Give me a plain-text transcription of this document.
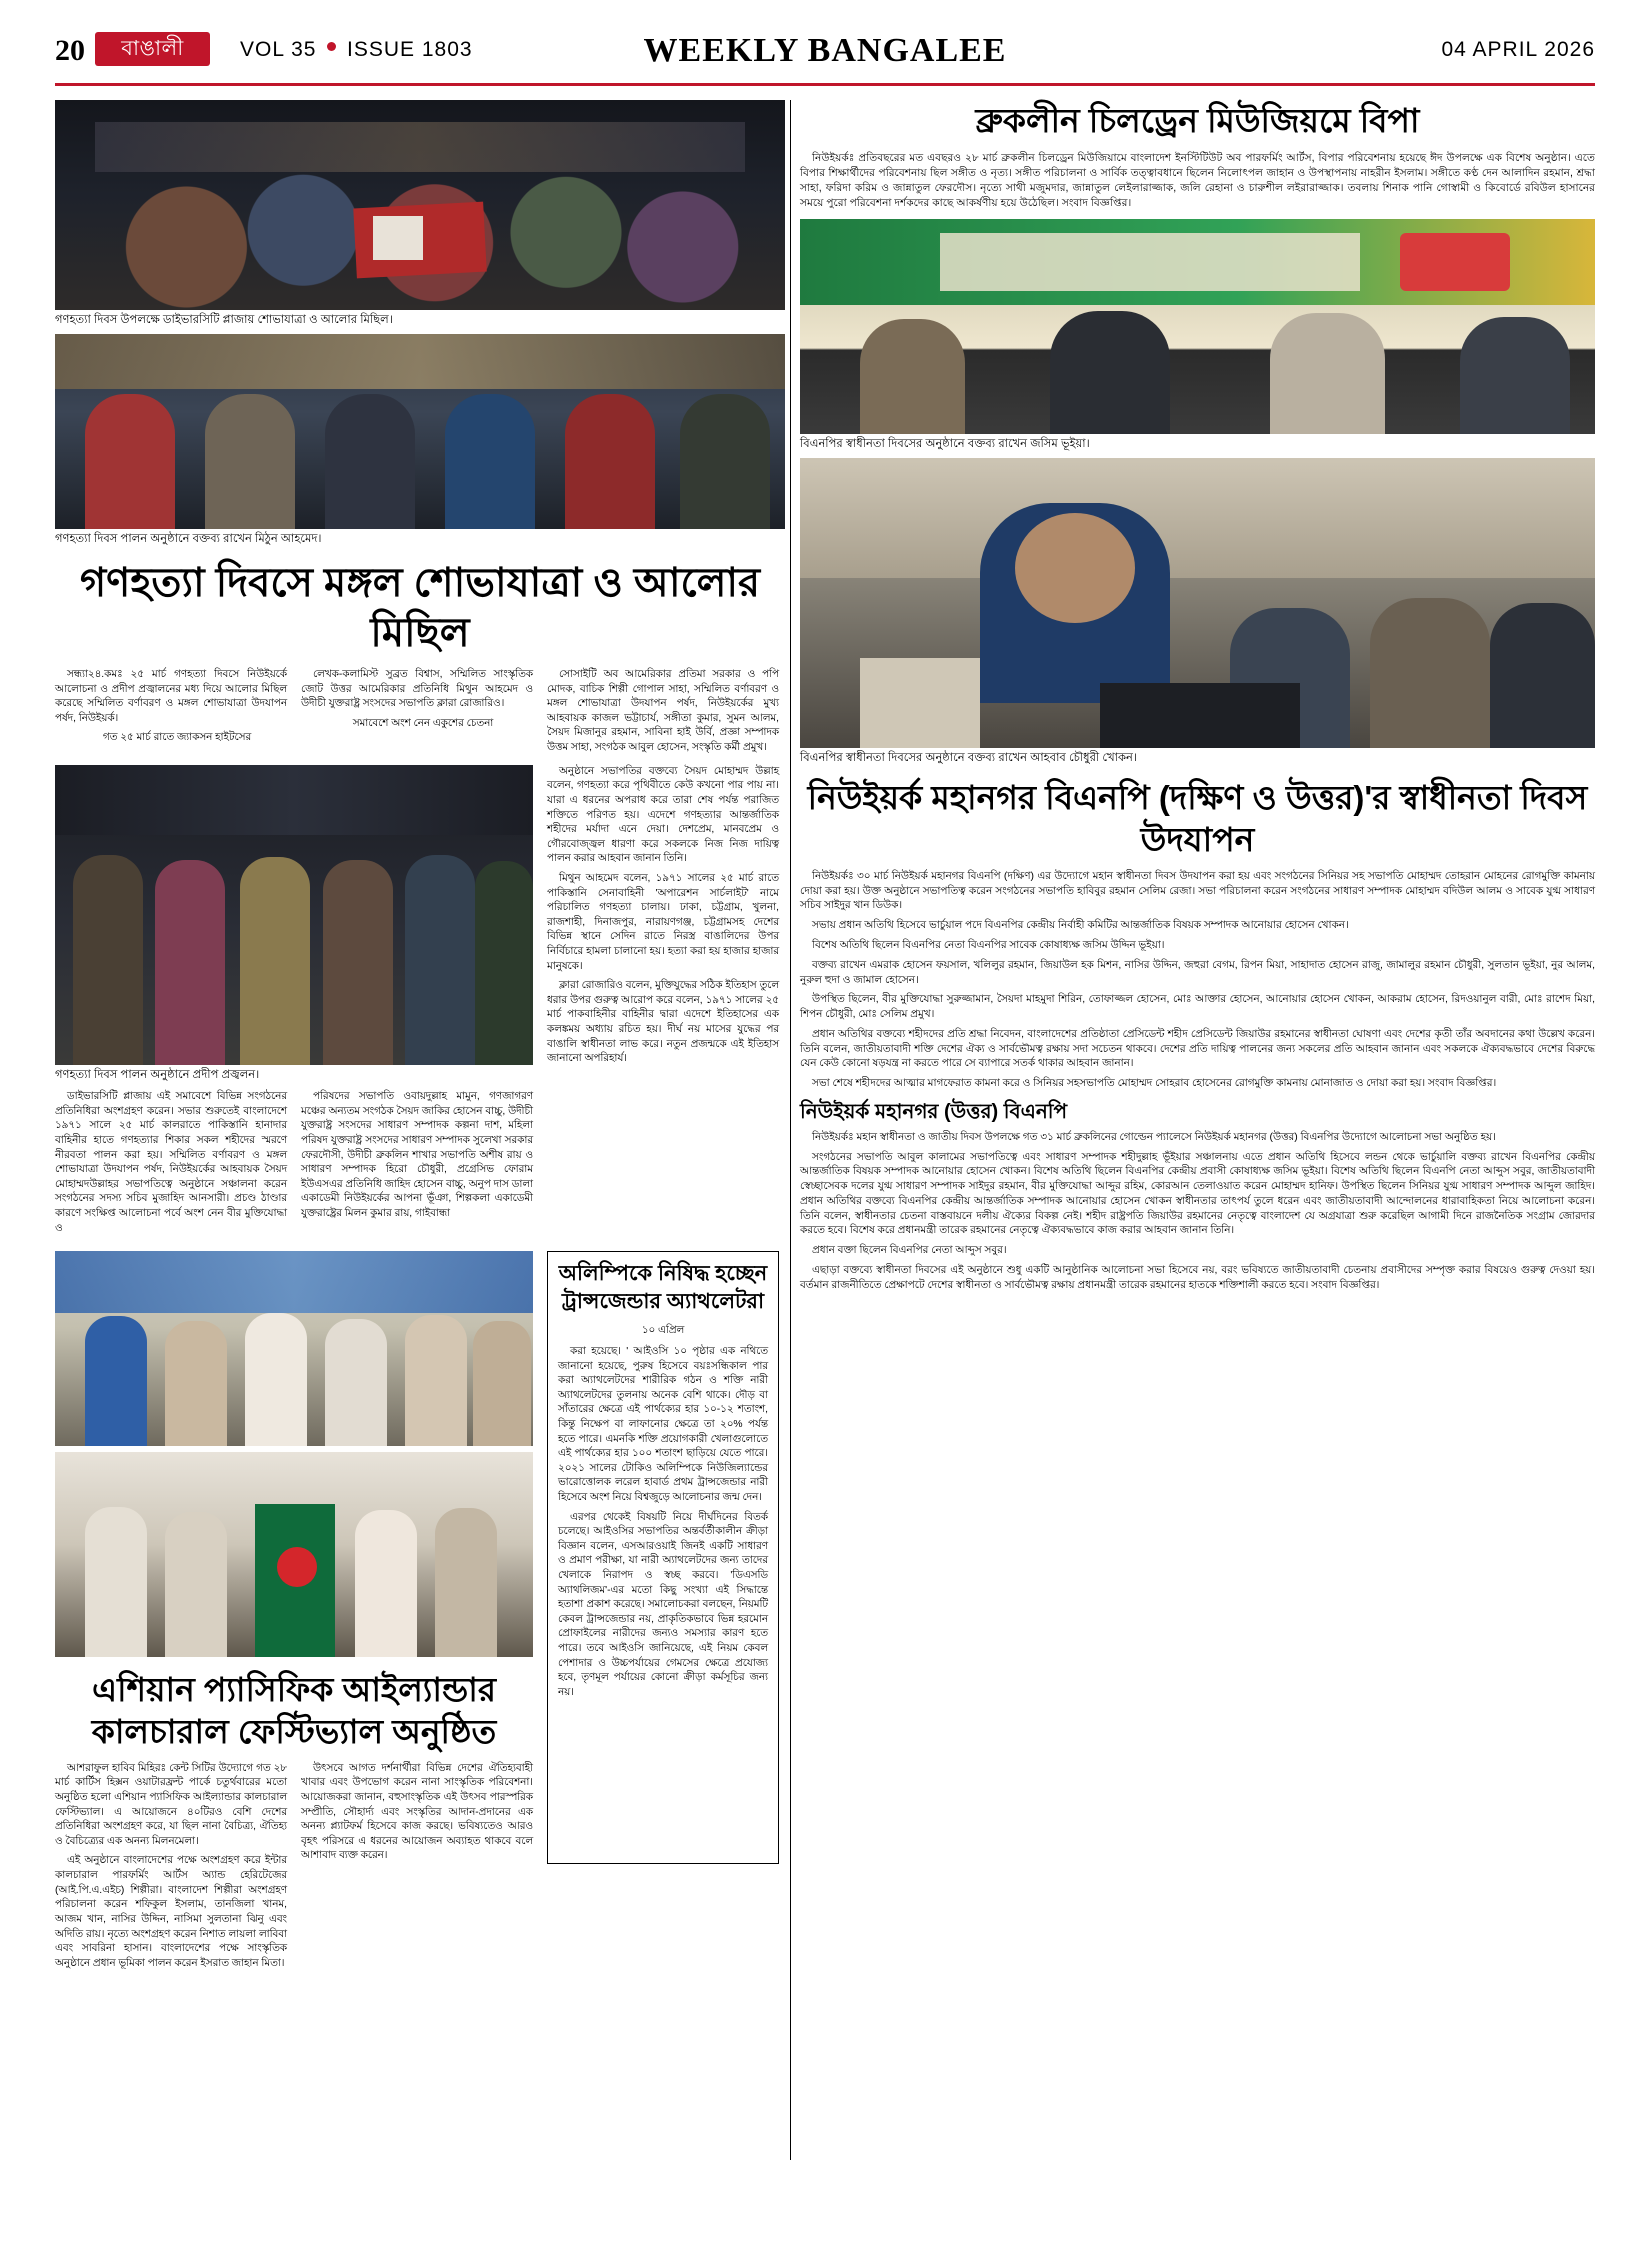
20	বাঙালী	VOL 35 ISSUE 1803	WEEKLY BANGALEE	04 APRIL 2026
গণহত্যা দিবস উপলক্ষে ডাইভারসিটি প্লাজায় শোভাযাত্রা ও আলোর মিছিল।
গণহত্যা দিবস পালন অনুষ্ঠানে বক্তব্য রাখেন মিঠুন আহমেদ।
গণহত্যা দিবসে মঙ্গল শোভাযাত্রা ও আলোর মিছিল

সন্ধ্যা২৪.কমঃ ২৫ মার্চ গণহত্যা দিবসে নিউইয়র্কে আলোচনা ও প্রদীপ প্রজ্বালনের মধ্য দিয়ে আলোর মিছিল করেছে সম্মিলিত বর্ণাবরণ ও মঙ্গল শোভাযাত্রা উদযাপন পর্ষদ, নিউইয়র্ক।

গত ২৫ মার্চ রাতে জ্যাকসন হাইটসের

লেখক-কলামিস্ট সুব্রত বিশ্বাস, সম্মিলিত সাংস্কৃতিক জোট উত্তর আমেরিকার প্রতিনিধি মিথুন আহমেদ ও উদীচী যুক্তরাষ্ট্র সংসদের সভাপতি ক্লারা রোজারিও।

সমাবেশে অংশ নেন একুশের চেতনা

সোসাইটি অব আমেরিকার প্রতিমা সরকার ও পপি মোদক, বাচিক শিল্পী গোপাল সাহা, সম্মিলিত বর্ণাবরণ ও মঙ্গল শোভাযাত্রা উদযাপন পর্ষদ, নিউইয়র্কের মুখ্য আহবায়ক কাজল ভট্টাচার্য, সঙ্গীতা কুমার, সুমন আলম, সৈয়দ মিজানুর রহমান, সাবিনা হাই উর্বি, প্রজ্ঞা সম্পাদক উত্তম সাহা, সংগঠক আবুল হোসেন, সংস্কৃতি কর্মী প্রমুখ।

গণহত্যা দিবস পালন অনুষ্ঠানে প্রদীপ প্রজ্বলন।

অনুষ্ঠানে সভাপতির বক্তব্যে সৈয়দ মোহাম্মদ উল্লাহ বলেন, গণহত্যা করে পৃথিবীতে কেউ কখনো পার পায় না। যারা এ ধরনের অপরাধ করে তারা শেষ পর্যন্ত পরাজিত শক্তিতে পরিণত হয়। এদেশে গণহত্যার আন্তর্জাতিক শহীদের মর্যাদা এনে দেয়া। দেশপ্রেম, মানবপ্রেম ও গৌরবোজ্জ্বল ধারণা করে সকলকে নিজ নিজ দায়িত্ব পালন করার আহবান জানান তিনি।

মিথুন আহমেদ বলেন, ১৯৭১ সালের ২৫ মার্চ রাতে পাকিস্তানি সেনাবাহিনী 'অপারেশন সার্চলাইট' নামে পরিচালিত গণহত্যা চালায়। ঢাকা, চট্টগ্রাম, খুলনা, রাজশাহী, দিনাজপুর, নারায়ণগঞ্জ, চট্টগ্রামসহ দেশের বিভিন্ন স্থানে সেদিন রাতে নিরস্ত্র বাঙালিদের উপর নির্বিচারে হামলা চালানো হয়। হত্যা করা হয় হাজার হাজার মানুষকে।

ক্লারা রোজারিও বলেন, মুক্তিযুদ্ধের সঠিক ইতিহাস তুলে ধরার উপর গুরুত্ব আরোপ করে বলেন, ১৯৭১ সালের ২৫ মার্চ পাকবাহিনীর বাহিনীর দ্বারা এদেশে ইতিহাসের এক কলঙ্কময় অধ্যায় রচিত হয়। দীর্ঘ নয় মাসের যুদ্ধের পর বাঙালি স্বাধীনতা লাভ করে। নতুন প্রজন্মকে এই ইতিহাস জানানো অপরিহার্য।

ডাইভারসিটি প্লাজায় এই সমাবেশে বিভিন্ন সংগঠনের প্রতিনিধিরা অংশগ্রহণ করেন। সভার শুরুতেই বাংলাদেশে ১৯৭১ সালে ২৫ মার্চ কালরাতে পাকিস্তানি হানাদার বাহিনীর হাতে গণহত্যার শিকার সকল শহীদের স্মরণে নীরবতা পালন করা হয়। সম্মিলিত বর্ণাবরণ ও মঙ্গল শোভাযাত্রা উদযাপন পর্ষদ, নিউইয়র্কের আহবায়ক সৈয়দ মোহাম্মদউল্লাহর সভাপতিত্বে অনুষ্ঠানে সঞ্চালনা করেন সংগঠনের সদস্য সচিব মুজাহিদ আনসারী। প্রচণ্ড ঠাণ্ডার কারণে সংক্ষিপ্ত আলোচনা পর্বে অংশ নেন বীর মুক্তিযোদ্ধা ও

পরিষদের সভাপতি ওবায়দুল্লাহ মামুন, গণজাগরণ মঞ্চের অন্যতম সংগঠক সৈয়দ জাকির হোসেন বাচ্চু, উদীচী যুক্তরাষ্ট্র সংসদের সাধারণ সম্পাদক কল্পনা দাশ, মহিলা পরিষদ যুক্তরাষ্ট্র সংসদের সাধারণ সম্পাদক সুলেখা সরকার ফেরদৌসী, উদীচী ব্রুকলিন শাখার সভাপতি অশীষ রায় ও সাধারণ সম্পাদক হিরো চৌধুরী, প্রগ্রেসিভ ফোরাম ইউএসএর প্রতিনিধি জাহিদ হোসেন বাচ্চু, অনুপ দাস ডালা একাডেমী নিউইয়র্কের আপনা ভূঁঞা, শিল্পকলা একাডেমী যুক্তরাষ্ট্রের মিলন কুমার রায়, গাইবান্ধা

এশিয়ান প্যাসিফিক আইল্যান্ডার কালচারাল ফেস্টিভ্যাল অনুষ্ঠিত

আশরাফুল হাবিব মিহিরঃ কেন্ট সিটির উদ্যোগে গত ২৮ মার্চ কার্টিস হিক্সন ওয়াটারফ্রন্ট পার্কে চতুর্থবারের মতো অনুষ্ঠিত হলো এশিয়ান প্যাসিফিক আইল্যান্ডার কালচারাল ফেস্টিভ্যাল। এ আয়োজনে ৪০টিরও বেশি দেশের প্রতিনিধিরা অংশগ্রহণ করে, যা ছিল নানা বৈচিত্র্য, ঐতিহ্য ও বৈচিত্র্যের এক অনন্য মিলনমেলা।

এই অনুষ্ঠানে বাংলাদেশের পক্ষে অংশগ্রহণ করে ইন্টার কালচারাল পারফর্মিং আর্টস অ্যান্ড হেরিটেজের (আই.পি.এ.এইচ) শিল্পীরা। বাংলাদেশ শিল্পীরা অংশগ্রহণ পরিচালনা করেন শফিকুল ইসলাম, তানজিলা খানম, আজম খান, নাসির উদ্দিন, নাসিমা সুলতানা ঝিনু এবং অদিতি রায়। নৃত্যে অংশগ্রহণ করেন নিশাত লায়লা লাবিবা এবং সাবরিনা হাসান। বাংলাদেশের পক্ষে সাংস্কৃতিক অনুষ্ঠানে প্রধান ভূমিকা পালন করেন ইসরাত জাহান মিতা।

উৎসবে আগত দর্শনার্থীরা বিভিন্ন দেশের ঐতিহ্যবাহী খাবার এবং উপভোগ করেন নানা সাংস্কৃতিক পরিবেশনা। আয়োজকরা জানান, বহুসাংস্কৃতিক এই উৎসব পারস্পরিক সম্প্রীতি, সৌহার্দ্য এবং সংস্কৃতির আদান-প্রদানের এক অনন্য প্ল্যাটফর্ম হিসেবে কাজ করছে। ভবিষ্যতেও আরও বৃহৎ পরিসরে এ ধরনের আয়োজন অব্যাহত থাকবে বলে আশাবাদ ব্যক্ত করেন।

অলিম্পিকে নিষিদ্ধ হচ্ছেন ট্রান্সজেন্ডার অ্যাথলেটরা
১০ এপ্রিল

করা হয়েছে। ' আইওসি ১০ পৃষ্ঠার এক নথিতে জানানো হয়েছে, পুরুষ হিসেবে বয়ঃসন্ধিকাল পার করা অ্যাথলেটদের শারীরিক গঠন ও শক্তি নারী অ্যাথলেটদের তুলনায় অনেক বেশি থাকে। দৌড় বা সাঁতারের ক্ষেত্রে এই পার্থক্যের হার ১০-১২ শতাংশ, কিন্তু নিক্ষেপ বা লাফানোর ক্ষেত্রে তা ২০% পর্যন্ত হতে পারে। এমনকি শক্তি প্রয়োগকারী খেলাগুলোতে এই পার্থক্যের হার ১০০ শতাংশ ছাড়িয়ে যেতে পারে। ২০২১ সালের টোকিও অলিম্পিকে নিউজিল্যান্ডের ভারোত্তোলক লরেল হাবার্ড প্রথম ট্রান্সজেন্ডার নারী হিসেবে অংশ নিয়ে বিশ্বজুড়ে আলোচনার জন্ম দেন।

এরপর থেকেই বিষয়টি নিয়ে দীর্ঘদিনের বিতর্ক চলেছে। আইওসির সভাপতির অন্তর্বর্তীকালীন ক্রীড়া বিজ্ঞান বলেন, এসআরওয়াই জিনই একটি সাধারণ ও প্রমাণ পরীক্ষা, যা নারী অ্যাথলেটদের জন্য তাদের খেলাকে নিরাপদ ও স্বচ্ছ করবে। 'ডিএসডি অ্যাথলিজম'-এর মতো কিছু সংখ্যা এই সিদ্ধান্তে হতাশা প্রকাশ করেছে। সমালোচকরা বলছেন, নিয়মটি কেবল ট্রান্সজেন্ডার নয়, প্রাকৃতিকভাবে ভিন্ন হরমোন প্রোফাইলের নারীদের জন্যও সমস্যার কারণ হতে পারে। তবে আইওসি জানিয়েছে, এই নিয়ম কেবল পেশাদার ও উচ্চপর্যায়ের গেমসের ক্ষেত্রে প্রযোজ্য হবে, তৃণমূল পর্যায়ের কোনো ক্রীড়া কর্মসূচির জন্য নয়।

ব্রুকলীন চিলড্রেন মিউজিয়মে বিপা

নিউইয়র্কঃ প্রতিবছরের মত এবছরও ২৮ মার্চ ব্রুকলীন চিলড্রেন মিউজিয়ামে বাংলাদেশ ইনস্টিটিউট অব পারফর্মিং আর্টস, বিপার পরিবেশনায় হয়েছে ঈদ উপলক্ষে এক বিশেষ অনুষ্ঠান। এতে বিপার শিক্ষার্থীদের পরিবেশনায় ছিল সঙ্গীত ও নৃত্য। সঙ্গীত পরিচালনা ও সার্বিক তত্ত্বাবধানে ছিলেন নিলোৎপল জাহান ও উপস্থাপনায় নাহরীন ইসলাম। সঙ্গীতে কণ্ঠ দেন আলাদিন রহমান, শ্রদ্ধা সাহা, ফরিদা করিম ও জান্নাতুল ফেরদৌস। নৃত্যে সাথী মজুমদার, জান্নাতুল লেইলারাজ্জাক, জলি রেহানা ও চারুশীল লইরারাজ্জাক। তবলায় শিনাক পানি গোস্বামী ও কিবোর্ডে রবিউল হাসানের সময়ে পুরো পরিবেশনা দর্শকদের কাছে আকর্ষণীয় হয়ে উঠেছিল। সংবাদ বিজ্ঞপ্তির।

বিএনপির স্বাধীনতা দিবসের অনুষ্ঠানে বক্তব্য রাখেন জসিম ভূইয়া।
বিএনপির স্বাধীনতা দিবসের অনুষ্ঠানে বক্তব্য রাখেন আহবাব চৌধুরী খোকন।
নিউইয়র্ক মহানগর বিএনপি (দক্ষিণ ও উত্তর)'র স্বাধীনতা দিবস উদযাপন

নিউইয়র্কঃ ৩০ মার্চ নিউইয়র্ক মহানগর বিএনপি (দক্ষিণ) এর উদ্যোগে মহান স্বাধীনতা দিবস উদযাপন করা হয় এবং সংগঠনের সিনিয়র সহ সভাপতি মোহাম্মদ তোহরান মোহনের রোগমুক্তি কামনায় দোয়া করা হয়। উক্ত অনুষ্ঠানে সভাপতিত্ব করেন সংগঠনের সভাপতি হাবিবুর রহমান সেলিম রেজা। সভা পরিচালনা করেন সংগঠনের সাধারণ সম্পাদক মোহাম্মদ বদিউল আলম ও সাবেক যুগ্ম সাধারণ সচিব সাইদুর খান ডিউক।

সভায় প্রধান অতিথি হিসেবে ভার্চুয়াল পদে বিএনপির কেন্দ্রীয় নির্বাহী কমিটির আন্তর্জাতিক বিষয়ক সম্পাদক আনোয়ার হোসেন খোকন।

বিশেষ অতিথি ছিলেন বিএনপির নেতা বিএনপির সাবেক কোষাধ্যক্ষ জসিম উদ্দিন ভূইয়া।

বক্তব্য রাখেন এমরাক হোসেন ফয়সাল, খলিলুর রহমান, জিয়াউল হক মিশন, নাসির উদ্দিন, জহুরা বেগম, রিপন মিয়া, সাহাদাত হোসেন রাজু, জামালুর রহমান চৌধুরী, সুলতান ভূইয়া, নুর আলম, নুরুল হুদা ও জামাল হোসেন।

উপস্থিত ছিলেন, বীর মুক্তিযোদ্ধা সুরুজ্জামান, সৈয়দা মাহমুদা শিরিন, তোফাজ্জল হোসেন, মোঃ আক্তার হোসেন, আনোয়ার হোসেন খোকন, আকরাম হোসেন, রিদওয়ানুল বারী, মোঃ রাশেদ মিয়া, শিপন চৌধুরী, মোঃ সেলিম প্রমুখ।

প্রধান অতিথির বক্তব্যে শহীদদের প্রতি শ্রদ্ধা নিবেদন, বাংলাদেশের প্রতিষ্ঠাতা প্রেসিডেন্ট শহীদ প্রেসিডেন্ট জিয়াউর রহমানের স্বাধীনতা ঘোষণা এবং দেশের কৃতী তাঁর অবদানের কথা উল্লেখ করেন। তিনি বলেন, জাতীয়তাবাদী শক্তি দেশের ঐক্য ও সার্বভৌমত্ব রক্ষায় সদা সচেতন থাকবে। দেশের প্রতি দায়িত্ব পালনের জন্য সকলের প্রতি আহবান জানান এবং সকলকে ঐক্যবদ্ধভাবে দেশের বিরুদ্ধে যেন কেউ কোনো ষড়যন্ত্র না করতে পারে সে ব্যাপারে সতর্ক থাকার আহবান জানান।

সভা শেষে শহীদদের আত্মার মাগফেরাত কামনা করে ও সিনিয়র সহসভাপতি মোহাম্মদ সোহরাব হোসেনের রোগমুক্তি কামনায় মোনাজাত ও দোয়া করা হয়। সংবাদ বিজ্ঞপ্তির।

নিউইয়র্ক মহানগর (উত্তর) বিএনপি

নিউইয়র্কঃ মহান স্বাধীনতা ও জাতীয় দিবস উপলক্ষে গত ৩১ মার্চ ব্রুকলিনের গোল্ডেন প্যালেসে নিউইয়র্ক মহানগর (উত্তর) বিএনপির উদ্যোগে আলোচনা সভা অনুষ্ঠিত হয়।

সংগঠনের সভাপতি আবুল কালামের সভাপতিত্বে এবং সাধারণ সম্পাদক শহীদুল্লাহ ভূঁইয়ার সঞ্চালনায় এতে প্রধান অতিথি হিসেবে লন্ডন থেকে ভার্চুয়ালি বক্তব্য রাখেন বিএনপির কেন্দ্রীয় আন্তর্জাতিক বিষয়ক সম্পাদক আনোয়ার হোসেন খোকন। বিশেষ অতিথি ছিলেন বিএনপির কেন্দ্রীয় প্রবাসী কোষাধ্যক্ষ জসিম ভূইয়া। বিশেষ অতিথি ছিলেন বিএনপি নেতা আব্দুস সবুর, জাতীয়তাবাদী স্বেচ্ছাসেবক দলের যুগ্ম সাধারণ সম্পাদক সাইদুর রহমান, বীর মুক্তিযোদ্ধা আব্দুর রহিম, কোরআন তেলাওয়াত করেন মোহাম্মদ হানিফ। উপস্থিত ছিলেন সিনিয়র যুগ্ম সাধারণ সম্পাদক আব্দুল জাহিদ। প্রধান অতিথির বক্তব্যে বিএনপির কেন্দ্রীয় আন্তর্জাতিক সম্পাদক আনোয়ার হোসেন খোকন স্বাধীনতার তাৎপর্য তুলে ধরেন এবং জাতীয়তাবাদী আন্দোলনের ধারাবাহিকতা নিয়ে আলোচনা করেন। তিনি বলেন, স্বাধীনতার চেতনা বাস্তবায়নে দলীয় ঐক্যের বিকল্প নেই। শহীদ রাষ্ট্রপতি জিয়াউর রহমানের নেতৃত্বে বাংলাদেশ যে অগ্রযাত্রা শুরু করেছিল আগামী দিনে রাজনৈতিক সংগ্রাম জোরদার করতে হবে। বিশেষ করে প্রধানমন্ত্রী তারেক রহমানের নেতৃত্বে ঐক্যবদ্ধভাবে কাজ করার আহবান জানান তিনি।

প্রধান বক্তা ছিলেন বিএনপির নেতা আব্দুস সবুর।

এছাড়া বক্তব্যে স্বাধীনতা দিবসের এই অনুষ্ঠানে শুধু একটি আনুষ্ঠানিক আলোচনা সভা হিসেবে নয়, বরং ভবিষ্যতে জাতীয়তাবাদী চেতনায় প্রবাসীদের সম্পৃক্ত করার বিষয়েও গুরুত্ব দেওয়া হয়। বর্তমান রাজনীতিতে প্রেক্ষাপটে দেশের স্বাধীনতা ও সার্বভৌমত্ব রক্ষায় প্রধানমন্ত্রী তারেক রহমানের হাতকে শক্তিশালী করতে হবে। সংবাদ বিজ্ঞপ্তির।
